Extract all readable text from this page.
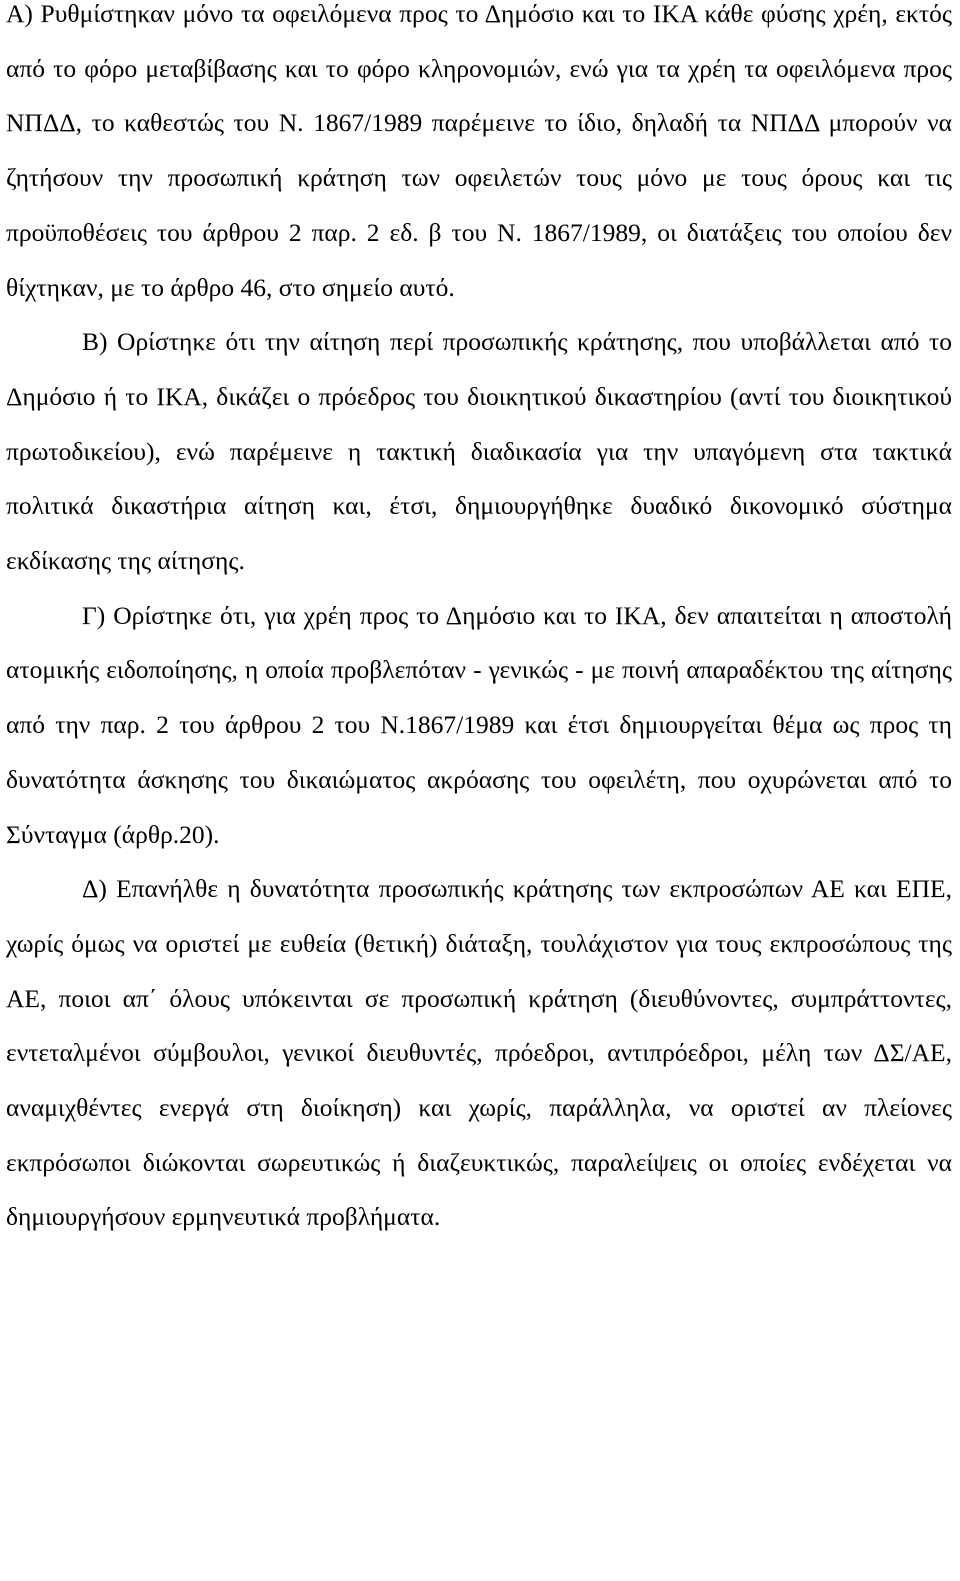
Α) Ρυθμίστηκαν μόνο τα οφειλόμενα προς το Δημόσιο και το ΙΚΑ κάθε φύσης χρέη, εκτός από το φόρο μεταβίβασης και το φόρο κληρονομιών, ενώ για τα χρέη τα οφειλόμενα προς ΝΠΔΔ, το καθεστώς του Ν. 1867/1989 παρέμεινε το ίδιο, δηλαδή τα ΝΠΔΔ μπορούν να ζητήσουν την προσωπική κράτηση των οφειλετών τους μόνο με τους όρους και τις προϋποθέσεις του άρθρου 2 παρ. 2 εδ. β του Ν. 1867/1989, οι διατάξεις του οποίου δεν θίχτηκαν, με το άρθρο 46, στο σημείο αυτό.

Β) Ορίστηκε ότι την αίτηση περί προσωπικής κράτησης, που υποβάλλεται από το Δημόσιο ή το ΙΚΑ, δικάζει ο πρόεδρος του διοικητικού δικαστηρίου (αντί του διοικητικού πρωτοδικείου), ενώ παρέμεινε η τακτική διαδικασία για την υπαγόμενη στα τακτικά πολιτικά δικαστήρια αίτηση και, έτσι, δημιουργήθηκε δυαδικό δικονομικό σύστημα εκδίκασης της αίτησης.

Γ) Ορίστηκε ότι, για χρέη προς το Δημόσιο και το ΙΚΑ, δεν απαιτείται η αποστολή ατομικής ειδοποίησης, η οποία προβλεπόταν - γενικώς - με ποινή απαραδέκτου της αίτησης από την παρ. 2 του άρθρου 2 του Ν.1867/1989 και έτσι δημιουργείται θέμα ως προς τη δυνατότητα άσκησης του δικαιώματος ακρόασης του οφειλέτη, που οχυρώνεται από το Σύνταγμα (άρθρ.20).

Δ) Επανήλθε η δυνατότητα προσωπικής κράτησης των εκπροσώπων ΑΕ και ΕΠΕ, χωρίς όμως να οριστεί με ευθεία (θετική) διάταξη, τουλάχιστον για τους εκπροσώπους της ΑΕ, ποιοι απ΄ όλους υπόκεινται σε προσωπική κράτηση (διευθύνοντες, συμπράττοντες, εντεταλμένοι σύμβουλοι, γενικοί διευθυντές, πρόεδροι, αντιπρόεδροι, μέλη των ΔΣ/ΑΕ, αναμιχθέντες ενεργά στη διοίκηση) και χωρίς, παράλληλα, να οριστεί αν πλείονες εκπρόσωποι διώκονται σωρευτικώς ή διαζευκτικώς, παραλείψεις οι οποίες ενδέχεται να δημιουργήσουν ερμηνευτικά προβλήματα.
